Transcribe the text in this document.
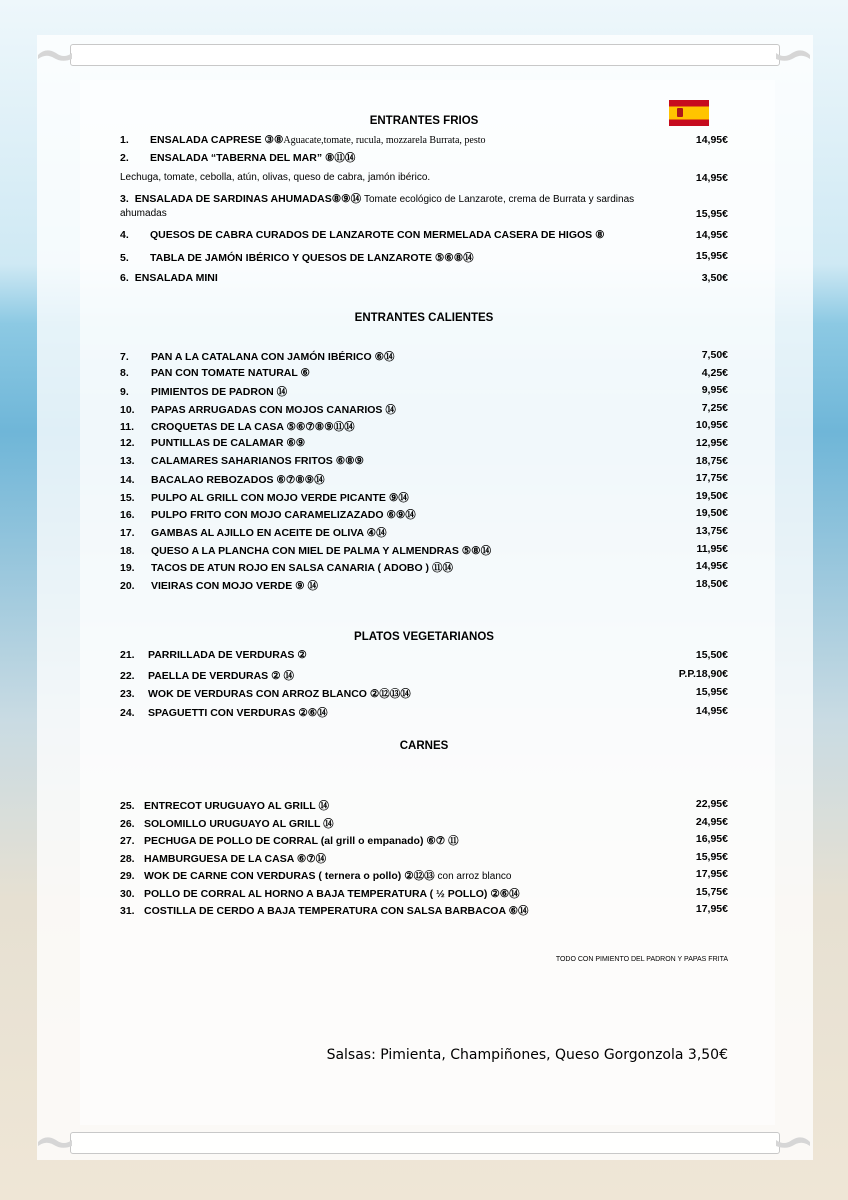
ENTRANTES FRIOS
1. ENSALADA CAPRESE ③⑧Aguacate,tomate, rucula, mozzarela Burrata, pesto	14,95€
2. ENSALADA “TABERNA DEL MAR” ⑧⑪⑭
Lechuga, tomate, cebolla, atún, olivas, queso de cabra, jamón ibérico.	14,95€
3. ENSALADA DE SARDINAS AHUMADAS⑧⑨⑭ Tomate ecológico de Lanzarote, crema de Burrata y sardinas
ahumadas	15,95€
4. QUESOS DE CABRA CURADOS DE LANZAROTE CON MERMELADA CASERA DE HIGOS ⑧	14,95€
5. TABLA DE JAMÓN IBÉRICO Y QUESOS DE LANZAROTE ⑤⑥⑧⑭	15,95€
6. ENSALADA MINI	3,50€
ENTRANTES CALIENTES
7. PAN A LA CATALANA CON JAMÓN IBÉRICO ⑥⑭	7,50€
8. PAN CON TOMATE NATURAL ⑥	4,25€
9. PIMIENTOS DE PADRON ⑭	9,95€
10. PAPAS ARRUGADAS CON MOJOS CANARIOS ⑭	7,25€
11. CROQUETAS DE LA CASA ⑤⑥⑦⑧⑨⑪⑭	10,95€
12. PUNTILLAS DE CALAMAR ⑥⑨	12,95€
13. CALAMARES SAHARIANOS FRITOS ⑥⑧⑨	18,75€
14. BACALAO REBOZADOS ⑥⑦⑧⑨⑭	17,75€
15. PULPO AL GRILL CON MOJO VERDE PICANTE ⑨⑭	19,50€
16. PULPO FRITO CON MOJO CARAMELIZAZADO ⑥⑨⑭	19,50€
17. GAMBAS AL AJILLO EN ACEITE DE OLIVA ④⑭	13,75€
18. QUESO A LA PLANCHA CON MIEL DE PALMA Y ALMENDRAS ⑤⑧⑭	11,95€
19. TACOS DE ATUN ROJO EN SALSA CANARIA ( ADOBO ) ⑪⑭	14,95€
20. VIEIRAS CON MOJO VERDE ⑨ ⑭	18,50€
PLATOS VEGETARIANOS
21. PARRILLADA DE VERDURAS ②	15,50€
22. PAELLA DE VERDURAS ② ⑭	P.P.18,90€
23. WOK DE VERDURAS CON ARROZ BLANCO ②⑫⑬⑭	15,95€
24. SPAGUETTI CON VERDURAS ②⑥⑭	14,95€
CARNES
25. ENTRECOT URUGUAYO AL GRILL ⑭	22,95€
26. SOLOMILLO URUGUAYO AL GRILL ⑭	24,95€
27. PECHUGA DE POLLO DE CORRAL (al grill o empanado) ⑥⑦ ⑪	16,95€
28. HAMBURGUESA DE LA CASA ⑥⑦⑭	15,95€
29. WOK DE CARNE CON VERDURAS ( ternera o pollo) ②⑫⑬ con arroz blanco	17,95€
30. POLLO DE CORRAL AL HORNO A BAJA TEMPERATURA ( ½ POLLO) ②⑥⑭	15,75€
31. COSTILLA DE CERDO A BAJA TEMPERATURA CON SALSA BARBACOA ⑥⑭	17,95€
TODO CON PIMIENTO DEL PADRON Y PAPAS FRITA
Salsas: Pimienta, Champiñones, Queso Gorgonzola 3,50€
